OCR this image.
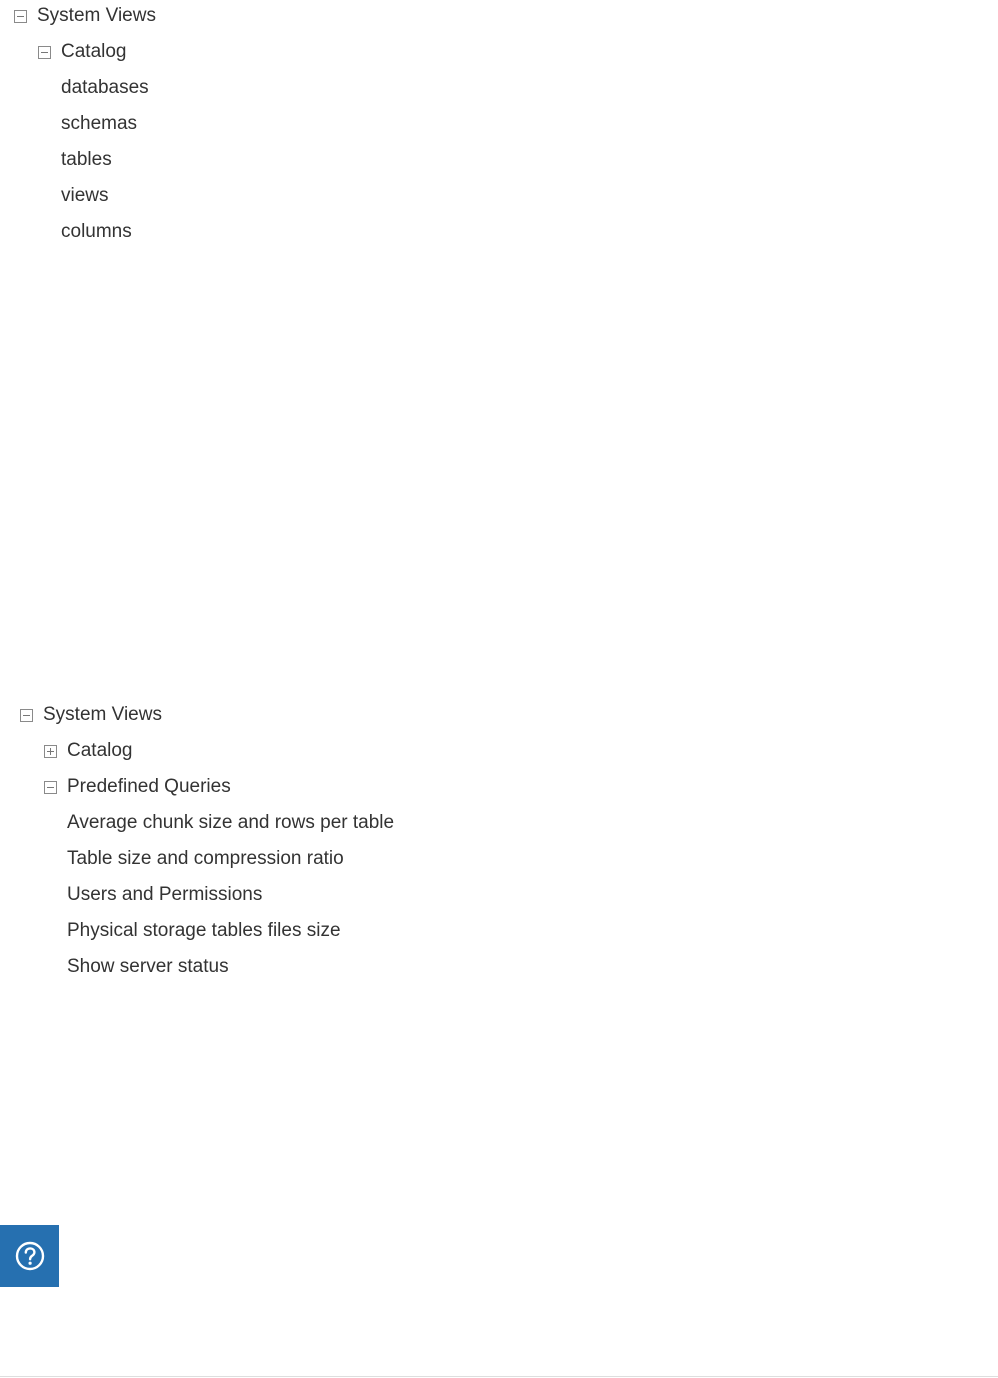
System Views
Catalog
databases
schemas
tables
views
columns
System Views
Catalog
Predefined Queries
Average chunk size and rows per table
Table size and compression ratio
Users and Permissions
Physical storage tables files size
Show server status
